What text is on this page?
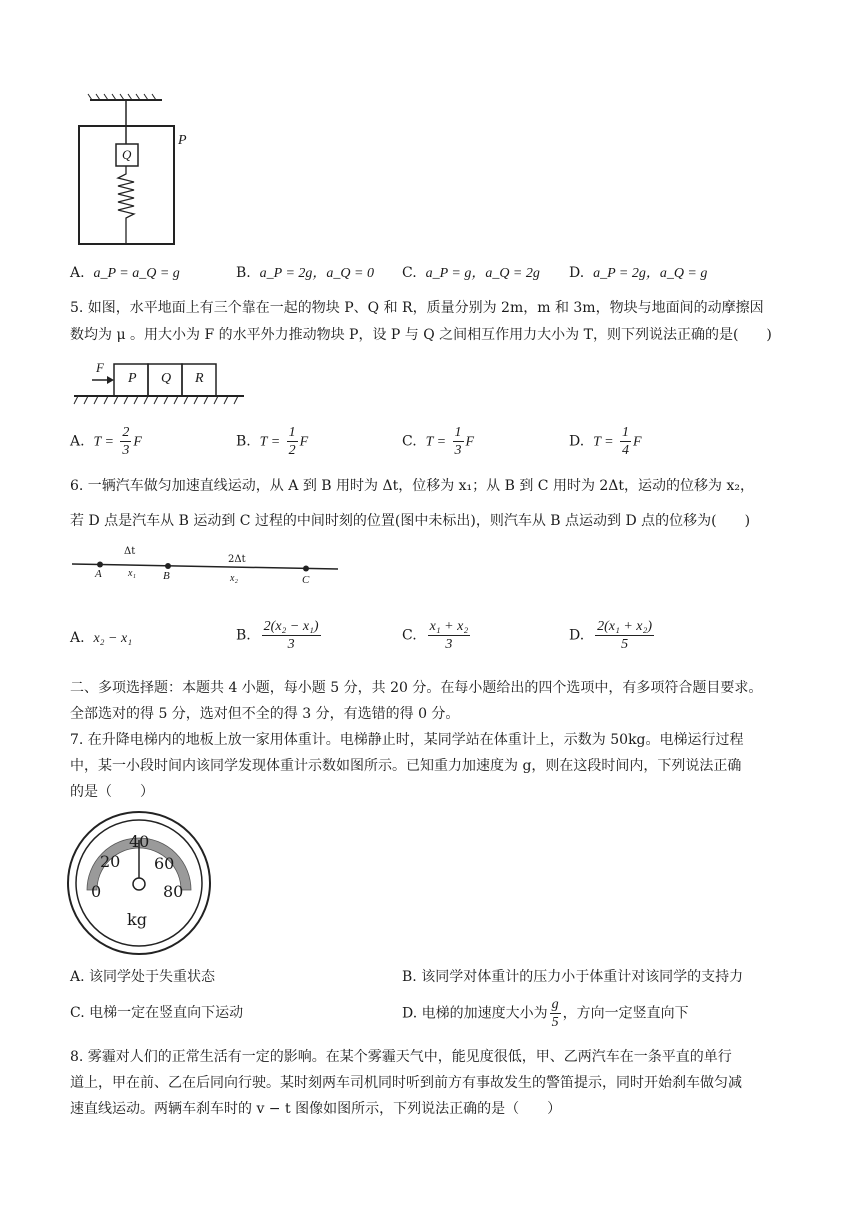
Q
P
A.  a_P = a_Q = g	B.  a_P = 2g，a_Q = 0 C.  a_P = g，a_Q = 2g D.  a_P = 2g，a_Q = g
5. 如图，水平地面上有三个靠在一起的物块 P、Q 和 R，质量分别为 2m，m 和 3m，物块与地面间的动摩擦因
数均为 μ 。用大小为 F 的水平外力推动物块 P，设 P 与 Q 之间相互作用力大小为 T，则下列说法正确的是(　　)
F
P Q R
A. $T = \frac{2}{3}$ F	B. $T = \frac{1}{2}$ F	C. $T = \frac{1}{3}$ F	D. $T = \frac{1}{4}$ F
6. 一辆汽车做匀加速直线运动，从 A 到 B 用时为 Δt，位移为 x₁；从 B 到 C 用时为 2Δt，运动的位移为 x₂，
若 D 点是汽车从 B 运动到 C 过程的中间时刻的位置(图中未标出)，则汽车从 B 点运动到 D 点的位移为(　　)
Δt
2Δt
x₁	x₂
A	B	C
A. x₂ − x₁	B. $\frac{\text{2(x₂ − x₁)}}{3}$	C. $\frac{\text{x₁ + x₂}}{3}$	D. $\frac{\text{2(x₁ + x₂)}}{5}$
二、多项选择题：本题共 4 小题，每小题 5 分，共 20 分。在每小题给出的四个选项中，有多项符合题目要求。
全部选对的得 5 分，选对但不全的得 3 分，有选错的得 0 分。
7. 在升降电梯内的地板上放一家用体重计。电梯静止时，某同学站在体重计上，示数为 50kg。电梯运行过程
中，某一小段时间内该同学发现体重计示数如图所示。已知重力加速度为 g，则在这段时间内，下列说法正确
的是（　　）
40
20 60
0	80
kg
A. 该同学处于失重状态	B. 该同学对体重计的压力小于体重计对该同学的支持力
C. 电梯一定在竖直向下运动	D. 电梯的加速度大小为 $\frac{g}{5}$ ，方向一定竖直向下
8. 雾霾对人们的正常生活有一定的影响。在某个雾霾天气中，能见度很低，甲、乙两汽车在一条平直的单行
道上，甲在前、乙在后同向行驶。某时刻两车司机同时听到前方有事故发生的警笛提示，同时开始刹车做匀减
速直线运动。两辆车刹车时的 v − t 图像如图所示，下列说法正确的是（　　）
